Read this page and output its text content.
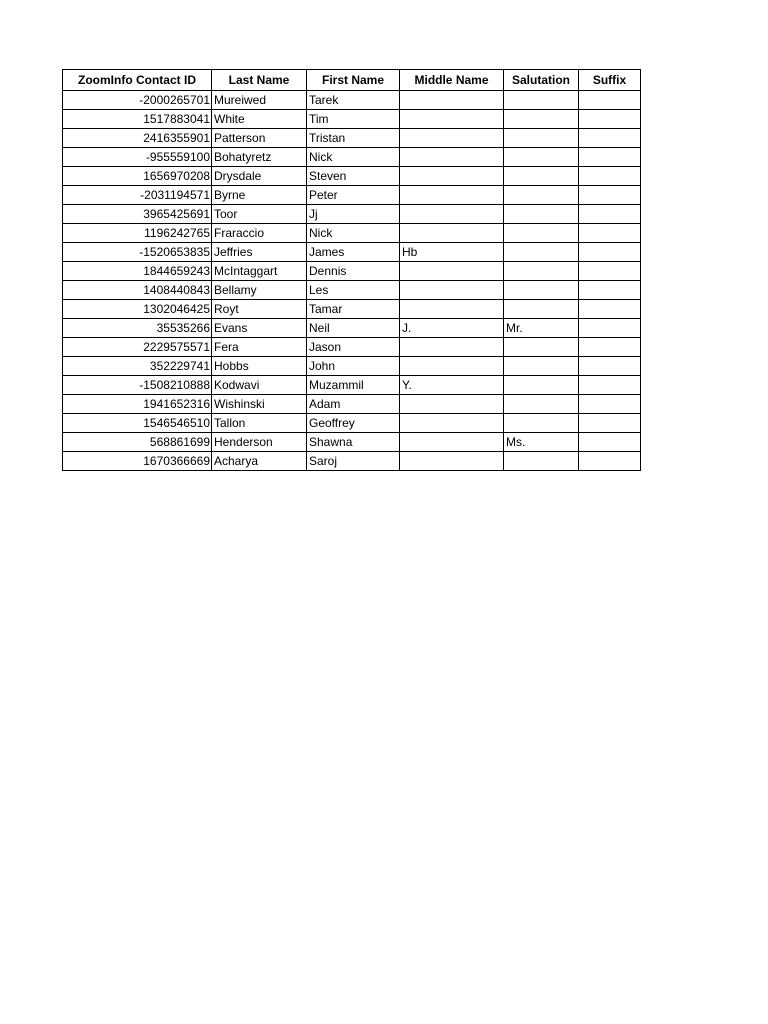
ZoomInfo Contact ID	Last Name	First Name	Middle Name	Salutation	Suffix
-2000265701	Mureiwed	Tarek			
1517883041	White	Tim			
2416355901	Patterson	Tristan			
-955559100	Bohatyretz	Nick			
1656970208	Drysdale	Steven			
-2031194571	Byrne	Peter			
3965425691	Toor	Jj			
1196242765	Fraraccio	Nick			
-1520653835	Jeffries	James	Hb		
1844659243	McIntaggart	Dennis			
1408440843	Bellamy	Les			
1302046425	Royt	Tamar			
35535266	Evans	Neil	J.	Mr.	
2229575571	Fera	Jason			
352229741	Hobbs	John			
-1508210888	Kodwavi	Muzammil	Y.		
1941652316	Wishinski	Adam			
1546546510	Tallon	Geoffrey			
568861699	Henderson	Shawna		Ms.	
1670366669	Acharya	Saroj			
